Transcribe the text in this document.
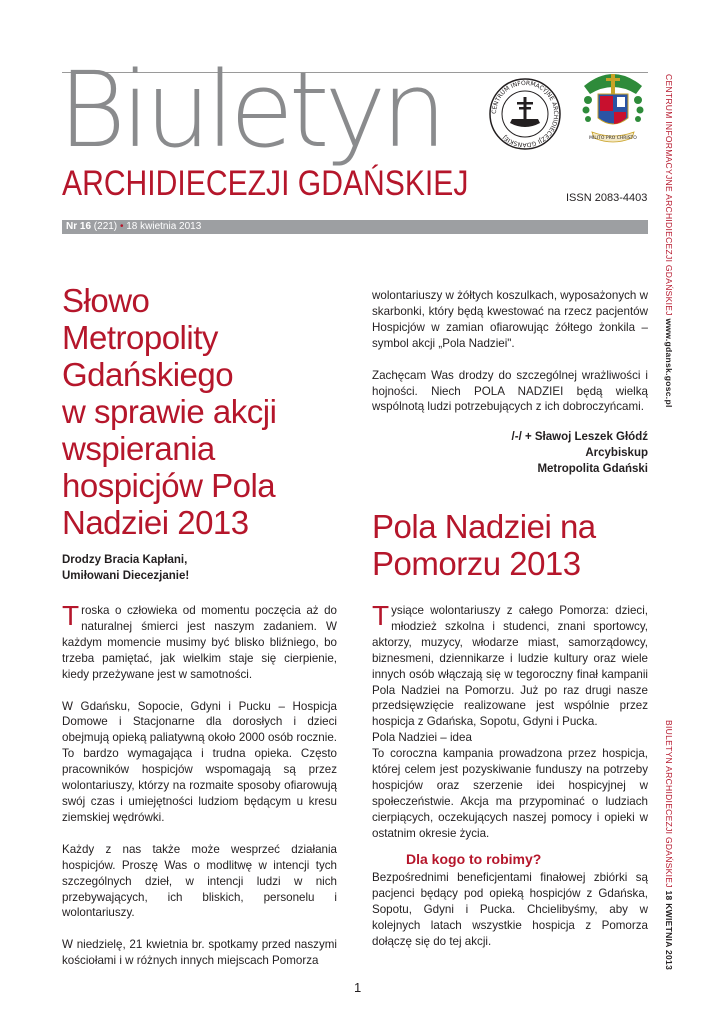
Biuletyn
ARCHIDIECEZJI GDAŃSKIEJ
CENTRUM INFORMACYJNE ARCHIDIECEZJI GDAŃSKIEJ	MILITO PRO CHRISTO
ISSN 2083-4403
Nr 16 (221) • 18 kwietnia 2013	CENTRUM INFORMACYJNE ARCHIDIECEZJI GDAŃSKIEJ www.gdansk.gosc.pl
BIULETYN ARCHIDIECEZJI GDAŃSKIEJ 18 KWIETNIA 2013
Słowo
Metropolity
Gdańskiego
w sprawie akcji
wspierania
hospicjów Pola
Nadziei 2013
Drodzy Bracia Kapłani,
Umiłowani Diecezjanie!

Troska o człowieka od momentu poczęcia aż do naturalnej śmierci jest naszym zadaniem. W każdym momencie musimy być blisko bliźniego, bo trzeba pamiętać, jak wielkim staje się cierpienie, kiedy przeżywane jest w samotności.

W Gdańsku, Sopocie, Gdyni i Pucku – Hospicja Domowe i Stacjonarne dla dorosłych i dzieci obejmują opieką paliatywną około 2000 osób rocznie. To bardzo wymagająca i trudna opieka. Często pracowników hospicjów wspomagają są przez wolontariuszy, którzy na rozmaite sposoby ofiarowują swój czas i umiejętności ludziom będącym u kresu ziemskiej wędrówki.

Każdy z nas także może wesprzeć działania hospicjów. Proszę Was o modlitwę w intencji tych szczególnych dzieł, w intencji ludzi w nich przebywających, ich bliskich, personelu i wolontariuszy.

W niedzielę, 21 kwietnia br. spotkamy przed naszymi kościołami i w różnych innych miejscach Pomorza

wolontariuszy w żółtych koszulkach, wyposażonych w skarbonki, który będą kwestować na rzecz pacjentów Hospicjów w zamian ofiarowując żółtego żonkila – symbol akcji „Pola Nadziei".

Zachęcam Was drodzy do szczególnej wrażliwości i hojności. Niech POLA NADZIEI będą wielką wspólnotą ludzi potrzebujących z ich dobroczyńcami.

/-/ + Sławoj Leszek Głódź
Arcybiskup
Metropolita Gdański
Pola Nadziei na
Pomorzu 2013

Tysiące wolontariuszy z całego Pomorza: dzieci, młodzież szkolna i studenci, znani sportowcy, aktorzy, muzycy, włodarze miast, samorządowcy, biznesmeni, dziennikarze i ludzie kultury oraz wiele innych osób włączają się w tegoroczny finał kampanii Pola Nadziei na Pomorzu. Już po raz drugi nasze przedsięwzięcie realizowane jest wspólnie przez hospicja z Gdańska, Sopotu, Gdyni i Pucka.

Pola Nadziei – idea

To coroczna kampania prowadzona przez hospicja, której celem jest pozyskiwanie funduszy na potrzeby hospicjów oraz szerzenie idei hospicyjnej w społeczeństwie. Akcja ma przypominać o ludziach cierpiących, oczekujących naszej pomocy i opieki w ostatnim okresie życia.

Dla kogo to robimy?

Bezpośrednimi beneficjentami finałowej zbiórki są pacjenci będący pod opieką hospicjów z Gdańska, Sopotu, Gdyni i Pucka. Chcielibyśmy, aby w kolejnych latach wszystkie hospicja z Pomorza dołączę się do tej akcji.

1
